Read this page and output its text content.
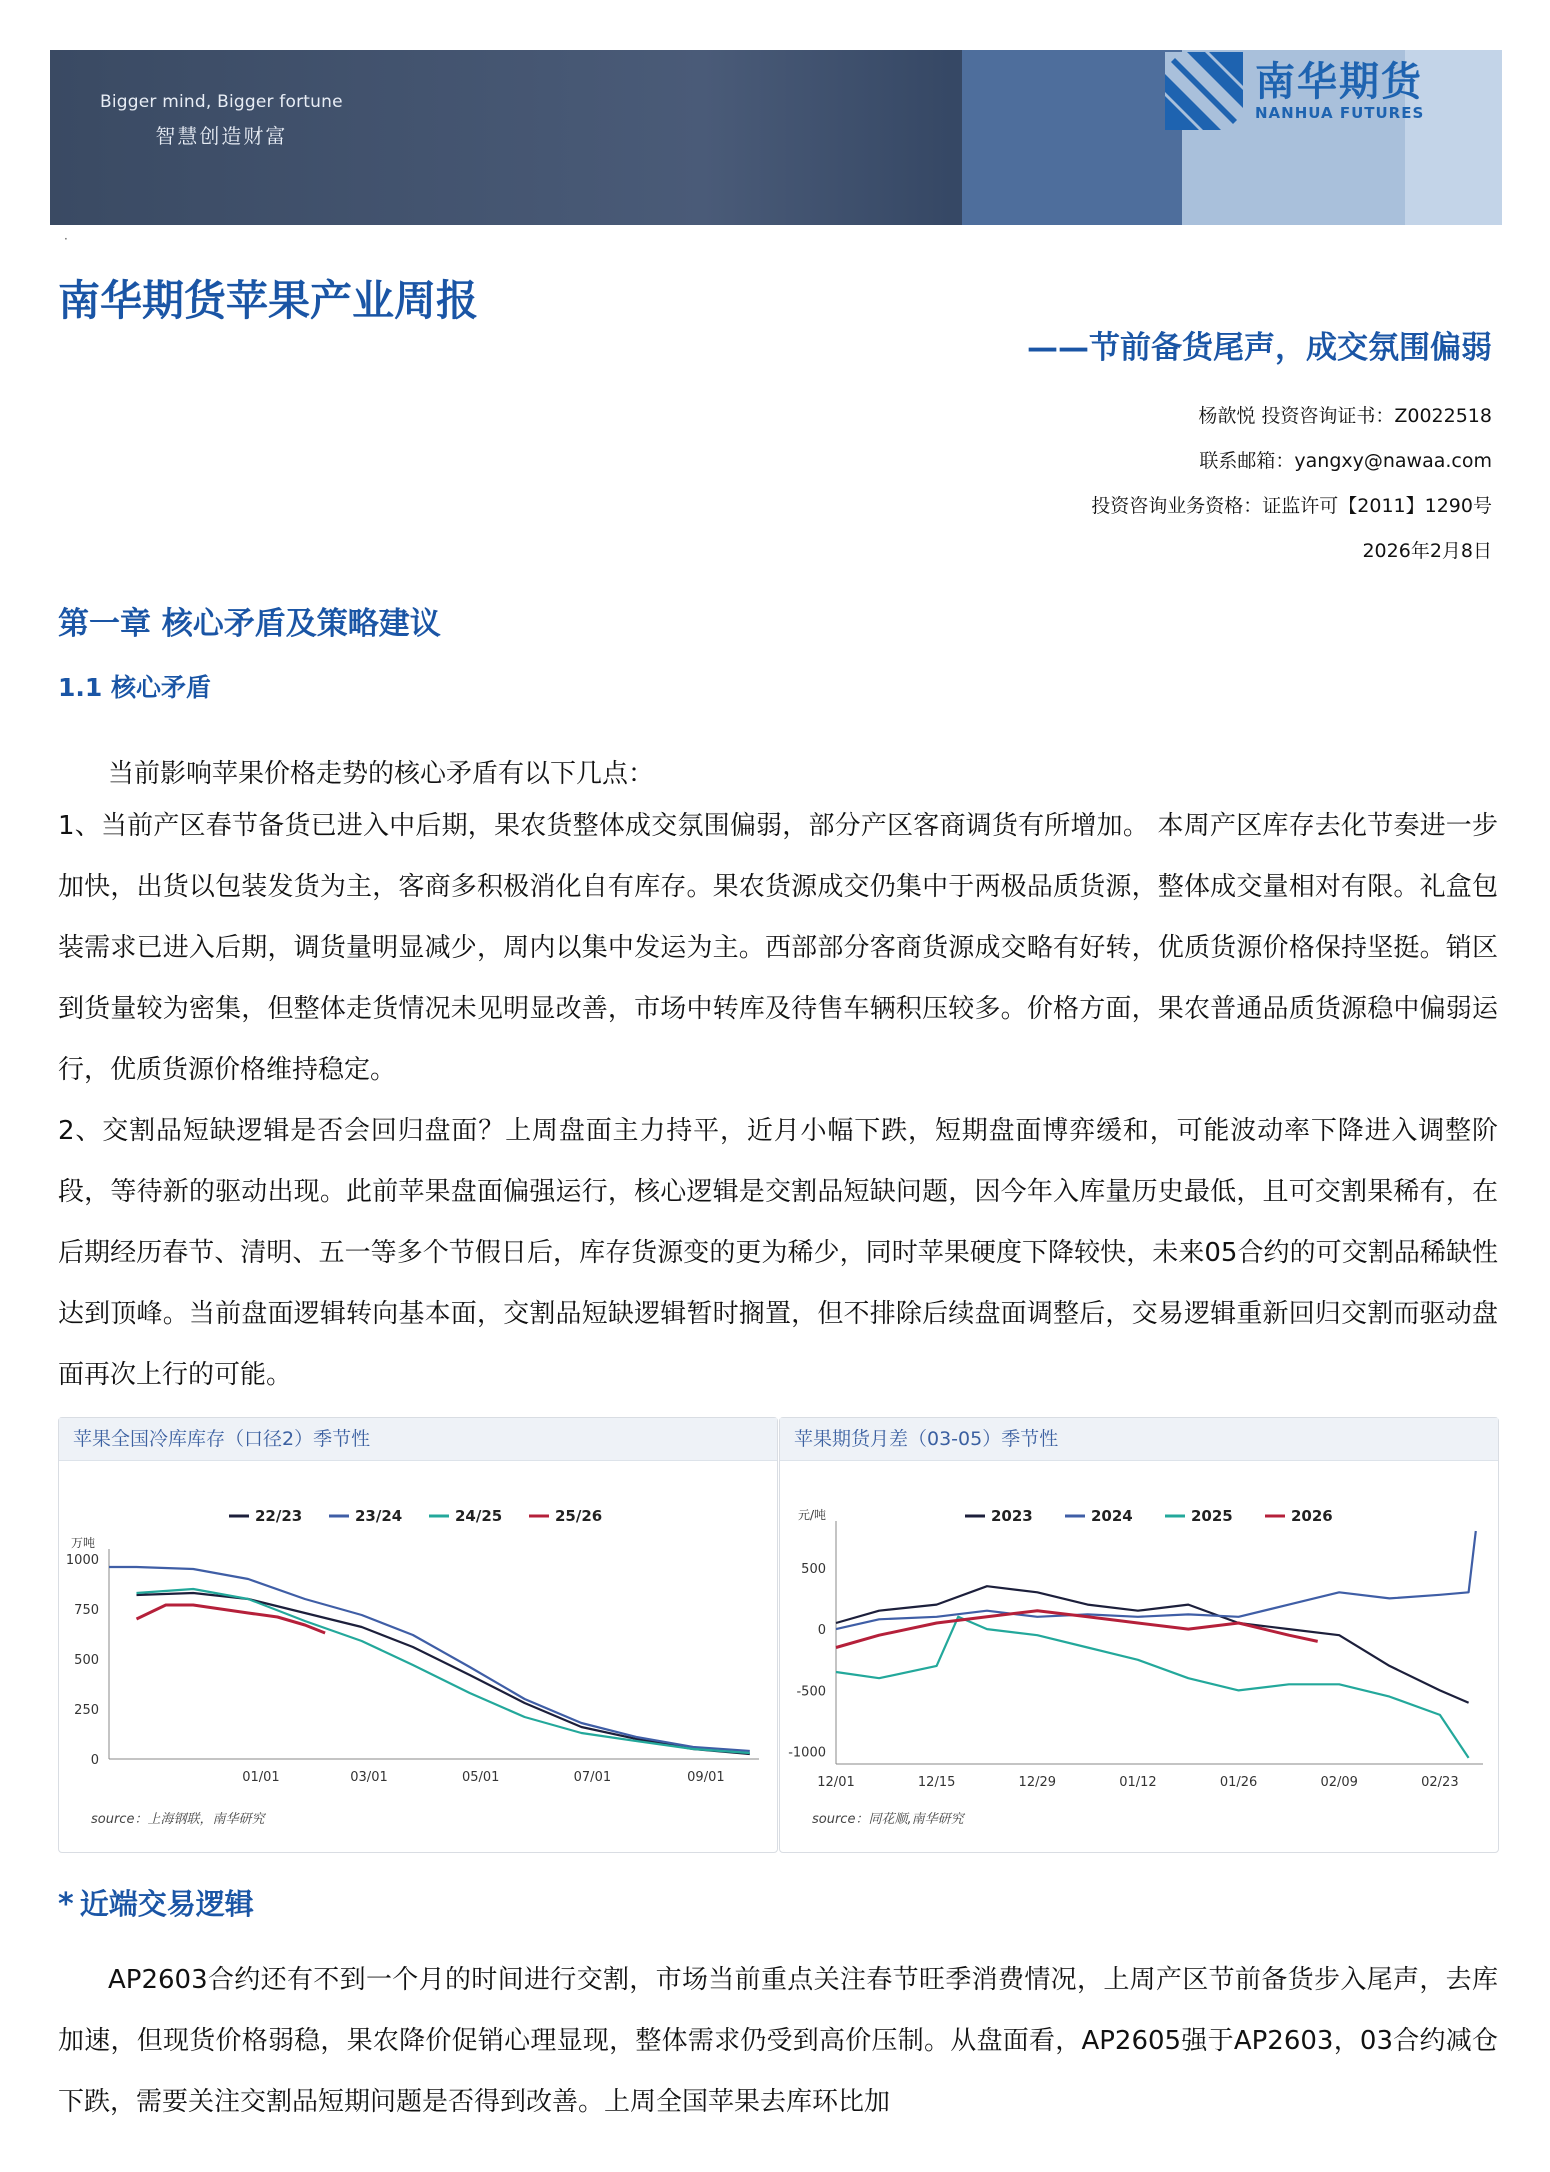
Bigger mind, Bigger fortune
智慧创造财富
南华期货
NANHUA FUTURES
·
南华期货苹果产业周报
——节前备货尾声，成交氛围偏弱
杨歆悦 投资咨询证书：Z0022518
联系邮箱：yangxy@nawaa.com
投资咨询业务资格：证监许可【2011】1290号
2026年2月8日
第一章 核心矛盾及策略建议
1.1 核心矛盾
当前影响苹果价格走势的核心矛盾有以下几点：
1、当前产区春节备货已进入中后期，果农货整体成交氛围偏弱，部分产区客商调货有所增加。 本周产区库存去化节奏进一步加快，出货以包装发货为主，客商多积极消化自有库存。果农货源成交仍集中于两极品质货源，整体成交量相对有限。礼盒包装需求已进入后期，调货量明显减少，周内以集中发运为主。西部部分客商货源成交略有好转，优质货源价格保持坚挺。销区到货量较为密集，但整体走货情况未见明显改善，市场中转库及待售车辆积压较多。价格方面，果农普通品质货源稳中偏弱运行，优质货源价格维持稳定。
2、交割品短缺逻辑是否会回归盘面？上周盘面主力持平，近月小幅下跌，短期盘面博弈缓和，可能波动率下降进入调整阶段，等待新的驱动出现。此前苹果盘面偏强运行，核心逻辑是交割品短缺问题，因今年入库量历史最低，且可交割果稀有，在后期经历春节、清明、五一等多个节假日后，库存货源变的更为稀少，同时苹果硬度下降较快，未来05合约的可交割品稀缺性达到顶峰。当前盘面逻辑转向基本面，交割品短缺逻辑暂时搁置，但不排除后续盘面调整后，交易逻辑重新回归交割而驱动盘面再次上行的可能。
苹果全国冷库库存（口径2）季节性
万吨
0
250
500
750
1000
01/01	03/01	05/01	07/01	09/01
22/23	23/24	24/25	25/26
source：上海钢联，南华研究
苹果期货月差（03-05）季节性
元/吨
-1000
-500
0
500
12/01	12/15	12/29	01/12	01/26	02/09	02/23
2023	2024	2025	2026
source：同花顺,南华研究
* 近端交易逻辑
AP2603合约还有不到一个月的时间进行交割，市场当前重点关注春节旺季消费情况，上周产区节前备货步入尾声，去库加速，但现货价格弱稳，果农降价促销心理显现，整体需求仍受到高价压制。从盘面看，AP2605强于AP2603，03合约减仓下跌，需要关注交割品短期问题是否得到改善。上周全国苹果去库环比加
